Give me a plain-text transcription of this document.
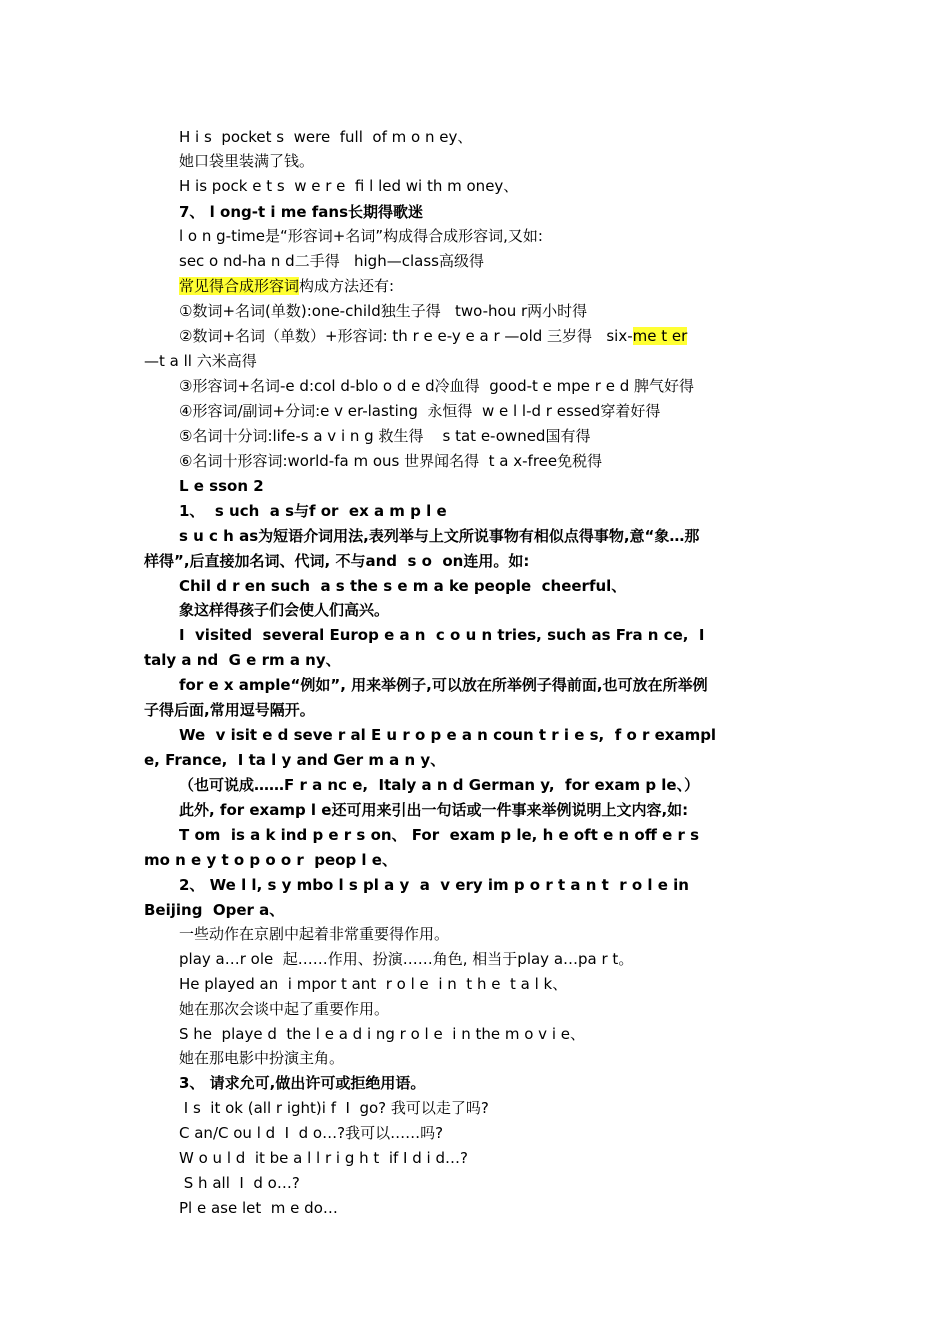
H i s  pocket s  were  full  of m o n ey、
她口袋里装满了钱。
H is pock e t s  w e r e  fi l led wi th m oney、
7、 l ong-t i me fans长期得歌迷
l o n g-time是“形容词+名词”构成得合成形容词,又如:
sec o nd-ha n d二手得   high—class高级得
常见得合成形容词构成方法还有:
①数词+名词(单数):one-child独生子得   two-hou r两小时得
②数词+名词（单数）+形容词: th r e e-y e a r —old 三岁得   six-me t er
—t a ll 六米高得
③形容词+名词-e d:col d-blo o d e d冷血得  good-t e mpe r e d 脾气好得
④形容词/副词+分词:e v er-lasting  永恒得  w e l l-d r essed穿着好得
⑤名词十分词:life-s a v i n g 救生得    s tat e-owned国有得
⑥名词十形容词:world-fa m ous 世界闻名得  t a x-free免税得
L e sson 2
1、  s uch  a s与f or  ex a m p l e
s u c h as为短语介词用法,表列举与上文所说事物有相似点得事物,意“象…那
样得”,后直接加名词、代词, 不与and  s o  on连用。如:
Chil d r en such  a s the s e m a ke people  cheerful、
象这样得孩子们会使人们高兴。
I  visited  several Europ e a n  c o u n tries, such as Fra n ce,  I
taly a nd  G e rm a ny、
for e x ample“例如”, 用来举例子,可以放在所举例子得前面,也可放在所举例
子得后面,常用逗号隔开。
We  v isit e d seve r al E u r o p e a n coun t r i e s,  f o r exampl
e, France,  I ta l y and Ger m a n y、
（也可说成……F r a nc e,  Italy a n d German y,  for exam p le、）
此外, for examp l e还可用来引出一句话或一件事来举例说明上文内容,如:
T om  is a k ind p e r s on、 For  exam p le, h e oft e n off e r s
mo n e y t o p o o r  peop l e、
2、 We l l, s y mbo l s pl a y  a  v ery im p o r t a n t  r o l e in
Beijing  Oper a、
一些动作在京剧中起着非常重要得作用。
play a…r ole  起……作用、扮演……角色, 相当于play a…pa r t。
He played an  i mpor t ant  r o l e  i n  t h e  t a l k、
她在那次会谈中起了重要作用。
S he  playe d  the l e a d i ng r o l e  i n the m o v i e、
她在那电影中扮演主角。
3、 请求允可,做出许可或拒绝用语。
I s  it ok (all r ight)i f  I  go? 我可以走了吗?
C an/C ou l d  I  d o…?我可以……吗?
W o u l d  it be a l l r i g h t  if I d i d…?
S h all  I  d o…?
Pl e ase let  m e do…
